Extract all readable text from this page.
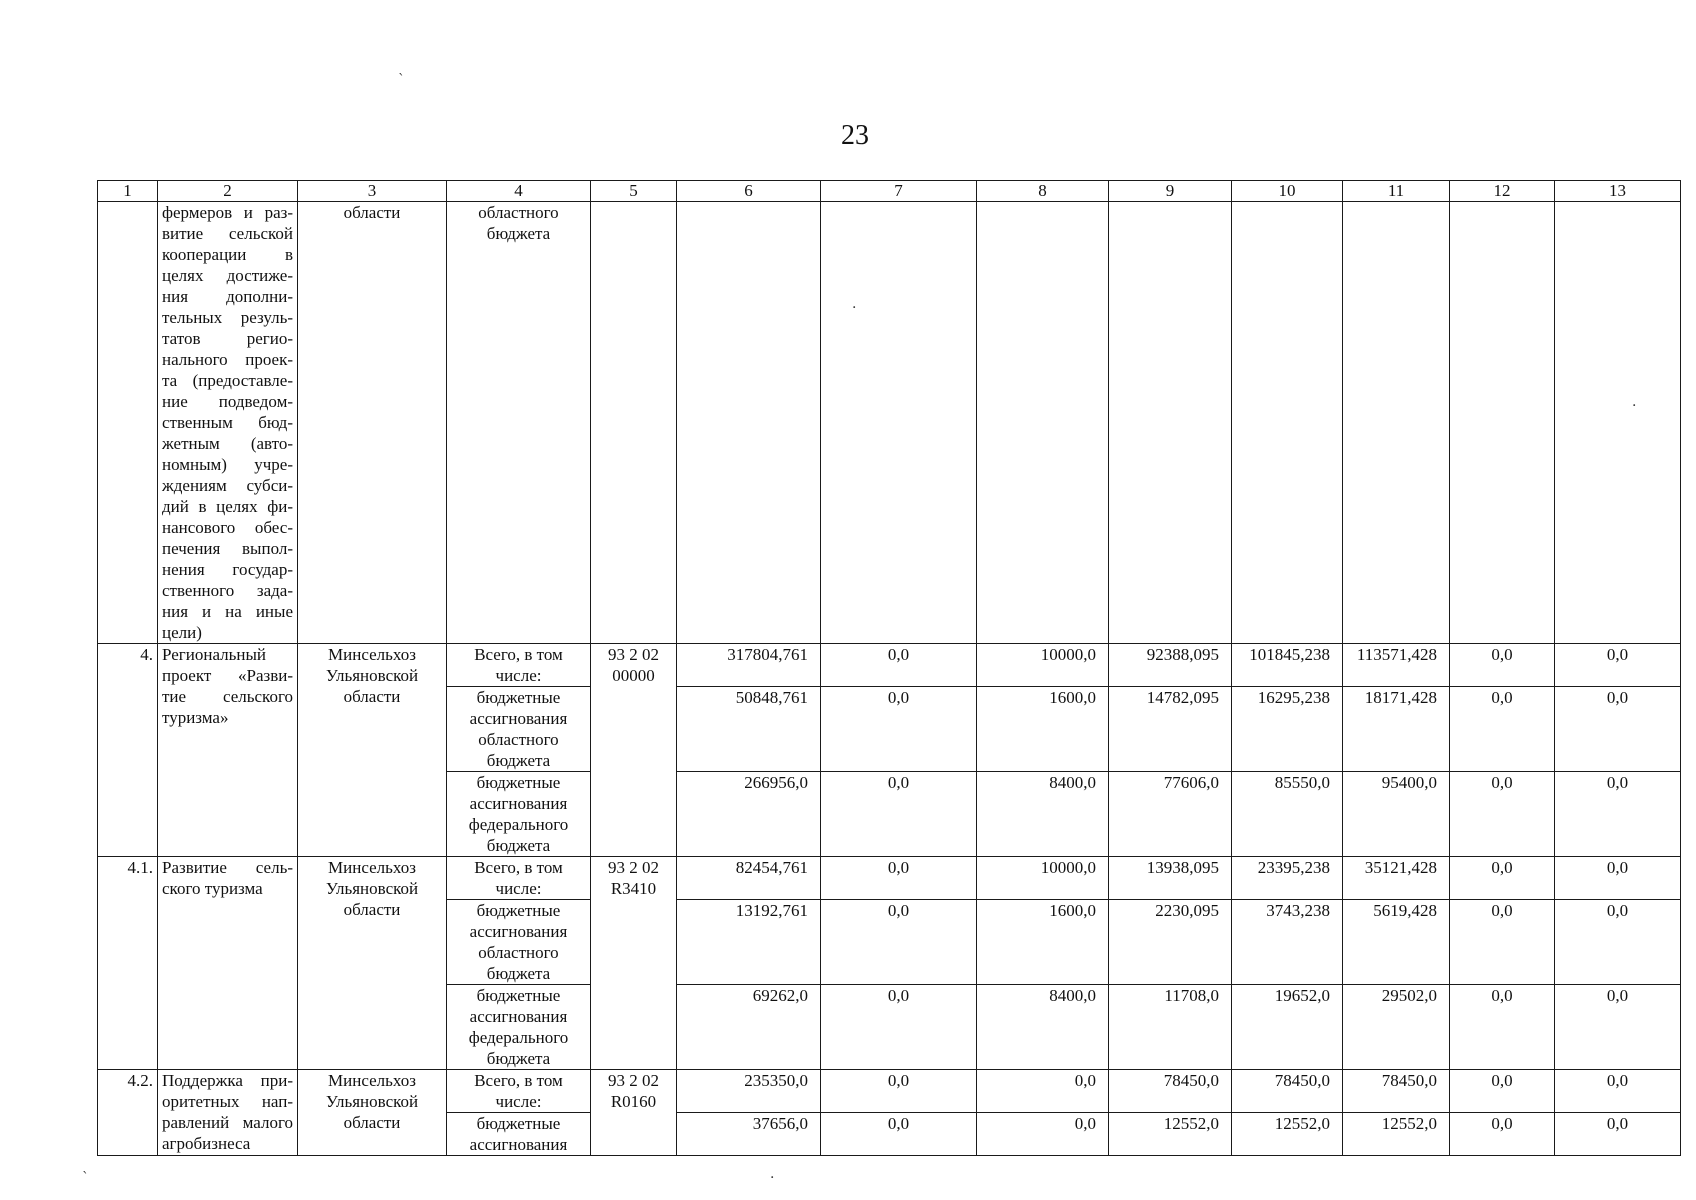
23
1	2	3	4	5	6	7	8	9	10	11	12	13
	фермеров и раз-витие сельской кооперации в целях достиже-ния дополни-тельных резуль-татов регио-нального проек-та (предоставле-ние подведом-ственным бюд-жетным (авто-номным) учре-ждениям субси-дий в целях фи-нансового обес-печения выпол-нения государ-ственного зада-ния и на иные цели)	области	областного бюджета									
4.	Региональный проект «Разви-тие сельского туризма»	Минсельхоз Ульяновской области	Всего, в том числе:	93 2 02 00000	317804,761	0,0	10000,0	92388,095	101845,238	113571,428	0,0	0,0
			бюджетные ассигнования областного бюджета		50848,761	0,0	1600,0	14782,095	16295,238	18171,428	0,0	0,0
			бюджетные ассигнования федерального бюджета		266956,0	0,0	8400,0	77606,0	85550,0	95400,0	0,0	0,0
4.1.	Развитие сель-ского туризма	Минсельхоз Ульяновской области	Всего, в том числе:	93 2 02 R3410	82454,761	0,0	10000,0	13938,095	23395,238	35121,428	0,0	0,0
			бюджетные ассигнования областного бюджета		13192,761	0,0	1600,0	2230,095	3743,238	5619,428	0,0	0,0
			бюджетные ассигнования федерального бюджета		69262,0	0,0	8400,0	11708,0	19652,0	29502,0	0,0	0,0
4.2.	Поддержка при-оритетных нап-равлений малого агробизнеса	Минсельхоз Ульяновской области	Всего, в том числе:	93 2 02 R0160	235350,0	0,0	0,0	78450,0	78450,0	78450,0	0,0	0,0
			бюджетные ассигнования		37656,0	0,0	0,0	12552,0	12552,0	12552,0	0,0	0,0
`
·
·
`	·
